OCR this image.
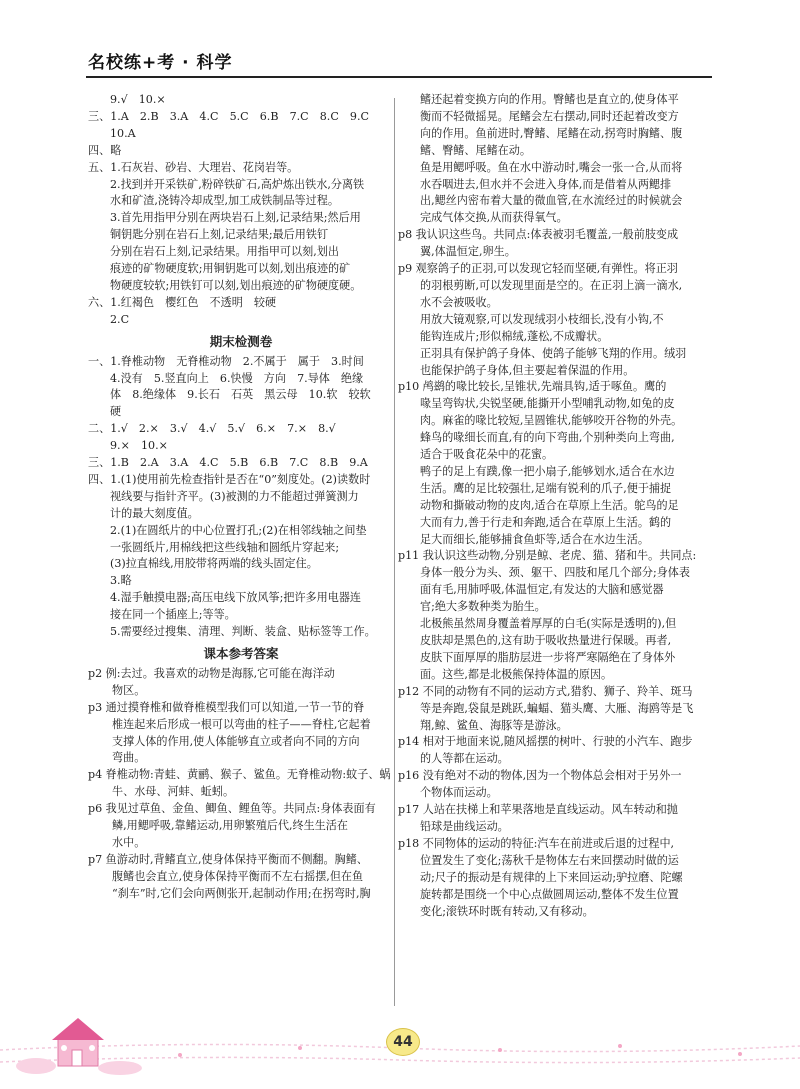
名校练+考 · 科学

9.√　10.×

三、1.A　2.B　3.A　4.C　5.C　6.B　7.C　8.C　9.C

10.A

四、略

五、1.石灰岩、砂岩、大理岩、花岗岩等。

2.找到并开采铁矿,粉碎铁矿石,高炉炼出铁水,分离铁

水和矿渣,浇铸冷却成型,加工成铁制品等过程。

3.首先用指甲分别在两块岩石上刻,记录结果;然后用

铜钥匙分别在岩石上刻,记录结果;最后用铁钉

分别在岩石上刻,记录结果。用指甲可以刻,划出

痕迹的矿物硬度软;用铜钥匙可以刻,划出痕迹的矿

物硬度较软;用铁钉可以刻,划出痕迹的矿物硬度硬。

六、1.红褐色　樱红色　不透明　较硬

2.C

期末检测卷

一、1.脊椎动物　无脊椎动物　2.不属于　属于　3.时间

4.没有　5.竖直向上　6.快慢　方向　7.导体　绝缘

体　8.绝缘体　9.长石　石英　黑云母　10.软　较软

硬

二、1.√　2.×　3.√　4.√　5.√　6.×　7.×　8.√

9.×　10.×

三、1.B　2.A　3.A　4.C　5.B　6.B　7.C　8.B　9.A

四、1.(1)使用前先检查指针是否在“0”刻度处。(2)读数时

视线要与指针齐平。(3)被测的力不能超过弹簧测力

计的最大刻度值。

2.(1)在圆纸片的中心位置打孔;(2)在相邻线轴之间垫

一张圆纸片,用棉线把这些线轴和圆纸片穿起来;

(3)拉直棉线,用胶带将两端的线头固定住。

3.略

4.湿手触摸电器;高压电线下放风筝;把许多用电器连

接在同一个插座上;等等。

5.需要经过搜集、清理、判断、装盒、贴标签等工作。

课本参考答案

p2 例:去过。我喜欢的动物是海豚,它可能在海洋动

物区。

p3 通过摸脊椎和做脊椎模型我们可以知道,一节一节的脊

椎连起来后形成一根可以弯曲的柱子——脊柱,它起着

支撑人体的作用,使人体能够直立或者向不同的方向

弯曲。

p4 脊椎动物:青蛙、黄鹂、猴子、鲨鱼。无脊椎动物:蚊子、蜗

牛、水母、河蚌、蚯蚓。

p6 我见过草鱼、金鱼、鲫鱼、鲤鱼等。共同点:身体表面有

鳞,用鳃呼吸,靠鳍运动,用卵繁殖后代,终生生活在

水中。

p7 鱼游动时,背鳍直立,使身体保持平衡而不侧翻。胸鳍、

腹鳍也会直立,使身体保持平衡而不左右摇摆,但在鱼

“刹车”时,它们会向两侧张开,起制动作用;在拐弯时,胸

鳍还起着变换方向的作用。臀鳍也是直立的,使身体平

衡而不轻微摇晃。尾鳍会左右摆动,同时还起着改变方

向的作用。鱼前进时,臀鳍、尾鳍在动,拐弯时胸鳍、腹

鳍、臀鳍、尾鳍在动。

鱼是用鳃呼吸。鱼在水中游动时,嘴会一张一合,从而将

水吞咽进去,但水并不会进入身体,而是借着从两鳃排

出,鳃丝内密布着大量的微血管,在水流经过的时候就会

完成气体交换,从而获得氧气。

p8 我认识这些鸟。共同点:体表被羽毛覆盖,一般前肢变成

翼,体温恒定,卵生。

p9 观察鸽子的正羽,可以发现它轻而坚硬,有弹性。将正羽

的羽根剪断,可以发现里面是空的。在正羽上滴一滴水,

水不会被吸收。

用放大镜观察,可以发现绒羽小枝细长,没有小钩,不

能钩连成片;形似棉绒,蓬松,不成瓣状。

正羽具有保护鸽子身体、使鸽子能够飞翔的作用。绒羽

也能保护鸽子身体,但主要起着保温的作用。

p10 鸬鹚的喙比较长,呈锥状,先端具钩,适于啄鱼。鹰的

喙呈弯钩状,尖锐坚硬,能撕开小型哺乳动物,如兔的皮

肉。麻雀的喙比较短,呈圆锥状,能够咬开谷物的外壳。

蜂鸟的喙细长而直,有的向下弯曲,个别种类向上弯曲,

适合于吸食花朵中的花蜜。

鸭子的足上有蹼,像一把小扇子,能够划水,适合在水边

生活。鹰的足比较强壮,足端有锐利的爪子,便于捕捉

动物和撕破动物的皮肉,适合在草原上生活。鸵鸟的足

大而有力,善于行走和奔跑,适合在草原上生活。鹤的

足大而细长,能够捕食鱼虾等,适合在水边生活。

p11 我认识这些动物,分别是鲸、老虎、猫、猪和牛。共同点:

身体一般分为头、颈、躯干、四肢和尾几个部分;身体表

面有毛,用肺呼吸,体温恒定,有发达的大脑和感觉器

官;绝大多数种类为胎生。

北极熊虽然周身覆盖着厚厚的白毛(实际是透明的),但

皮肤却是黑色的,这有助于吸收热量进行保暖。再者,

皮肤下面厚厚的脂肪层进一步将严寒隔绝在了身体外

面。这些,都是北极熊保持体温的原因。

p12 不同的动物有不同的运动方式,猎豹、狮子、羚羊、斑马

等是奔跑,袋鼠是跳跃,蝙蝠、猫头鹰、大雁、海鸥等是飞

翔,鲸、鲨鱼、海豚等是游泳。

p14 相对于地面来说,随风摇摆的树叶、行驶的小汽车、跑步

的人等都在运动。

p16 没有绝对不动的物体,因为一个物体总会相对于另外一

个物体而运动。

p17 人站在扶梯上和苹果落地是直线运动。风车转动和抛

铅球是曲线运动。

p18 不同物体的运动的特征:汽车在前进或后退的过程中,

位置发生了变化;荡秋千是物体左右来回摆动时做的运

动;尺子的振动是有规律的上下来回运动;驴拉磨、陀螺

旋转都是围绕一个中心点做圆周运动,整体不发生位置

变化;滚铁环时既有转动,又有移动。

44
